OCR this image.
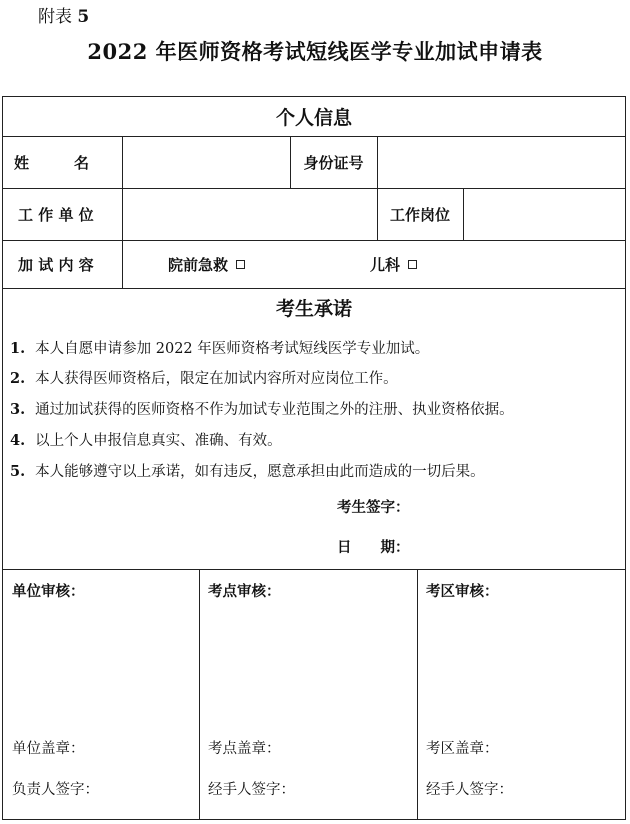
附表 5
2022 年医师资格考试短线医学专业加试申请表
个人信息
姓　　　名	身份证号
工 作 单 位	工作岗位
加 试 内 容	院前急救	儿科
考生承诺
1. 本人自愿申请参加 2022 年医师资格考试短线医学专业加试。
2. 本人获得医师资格后，限定在加试内容所对应岗位工作。
3. 通过加试获得的医师资格不作为加试专业范围之外的注册、执业资格依据。
4. 以上个人申报信息真实、准确、有效。
5. 本人能够遵守以上承诺，如有违反，愿意承担由此而造成的一切后果。
考生签字：
日　　期：
单位审核：
单位盖章：
负责人签字：
考点审核：
考点盖章：
经手人签字：
考区审核：
考区盖章：
经手人签字：
